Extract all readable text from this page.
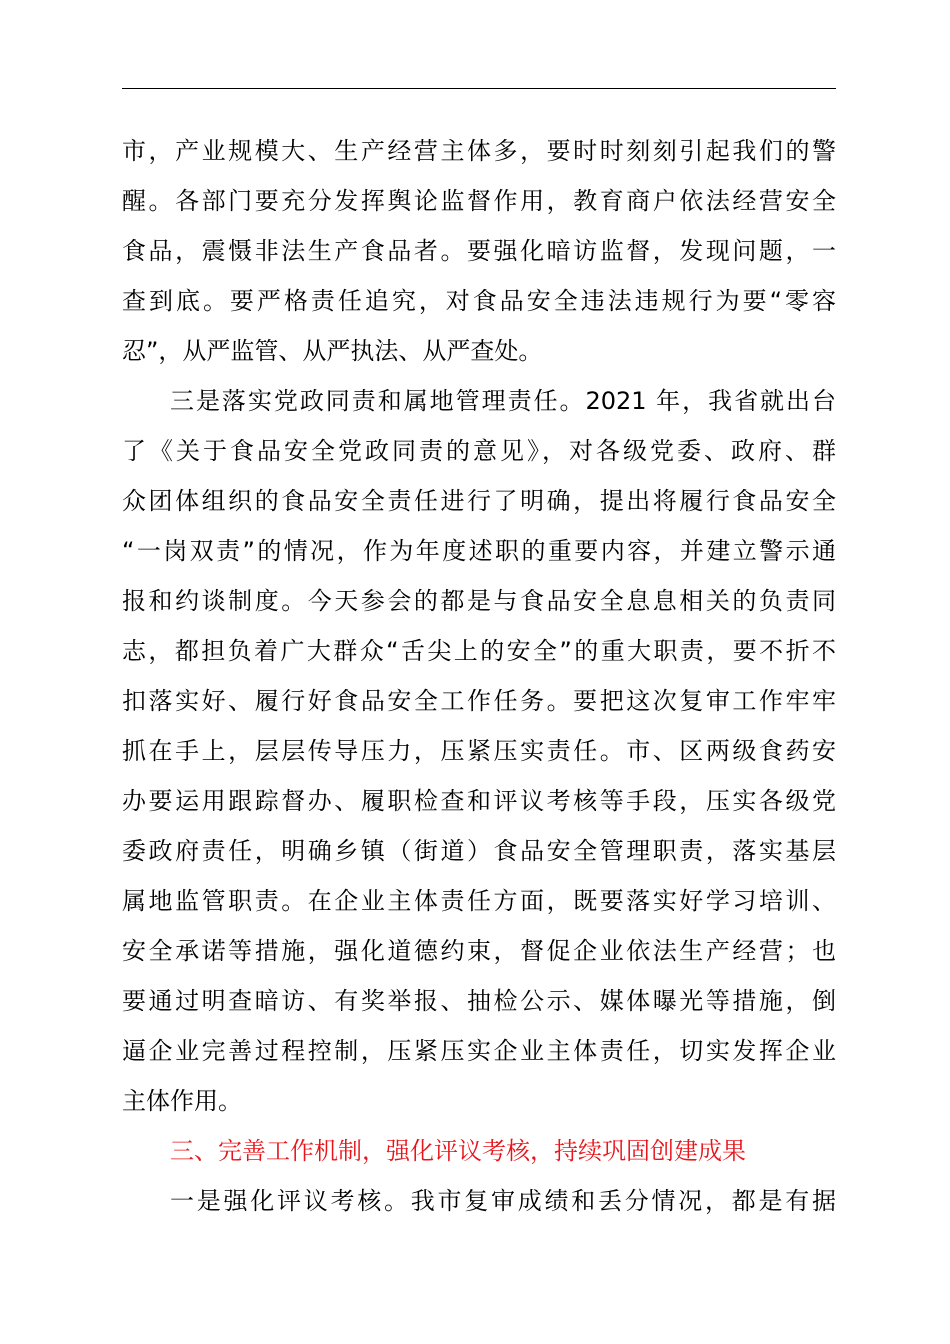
市，产业规模大、生产经营主体多，要时时刻刻引起我们的警
醒。各部门要充分发挥舆论监督作用，教育商户依法经营安全
食品，震慑非法生产食品者。要强化暗访监督，发现问题，一
查到底。要严格责任追究，对食品安全违法违规行为要“零容
忍”，从严监管、从严执法、从严查处。
三是落实党政同责和属地管理责任。2021 年，我省就出台
了《关于食品安全党政同责的意见》，对各级党委、政府、群
众团体组织的食品安全责任进行了明确，提出将履行食品安全
“一岗双责”的情况，作为年度述职的重要内容，并建立警示通
报和约谈制度。今天参会的都是与食品安全息息相关的负责同
志，都担负着广大群众“舌尖上的安全”的重大职责，要不折不
扣落实好、履行好食品安全工作任务。要把这次复审工作牢牢
抓在手上，层层传导压力，压紧压实责任。市、区两级食药安
办要运用跟踪督办、履职检查和评议考核等手段，压实各级党
委政府责任，明确乡镇（街道）食品安全管理职责，落实基层
属地监管职责。在企业主体责任方面，既要落实好学习培训、
安全承诺等措施，强化道德约束，督促企业依法生产经营；也
要通过明查暗访、有奖举报、抽检公示、媒体曝光等措施，倒
逼企业完善过程控制，压紧压实企业主体责任，切实发挥企业
主体作用。
三、完善工作机制，强化评议考核，持续巩固创建成果
一是强化评议考核。我市复审成绩和丢分情况，都是有据
